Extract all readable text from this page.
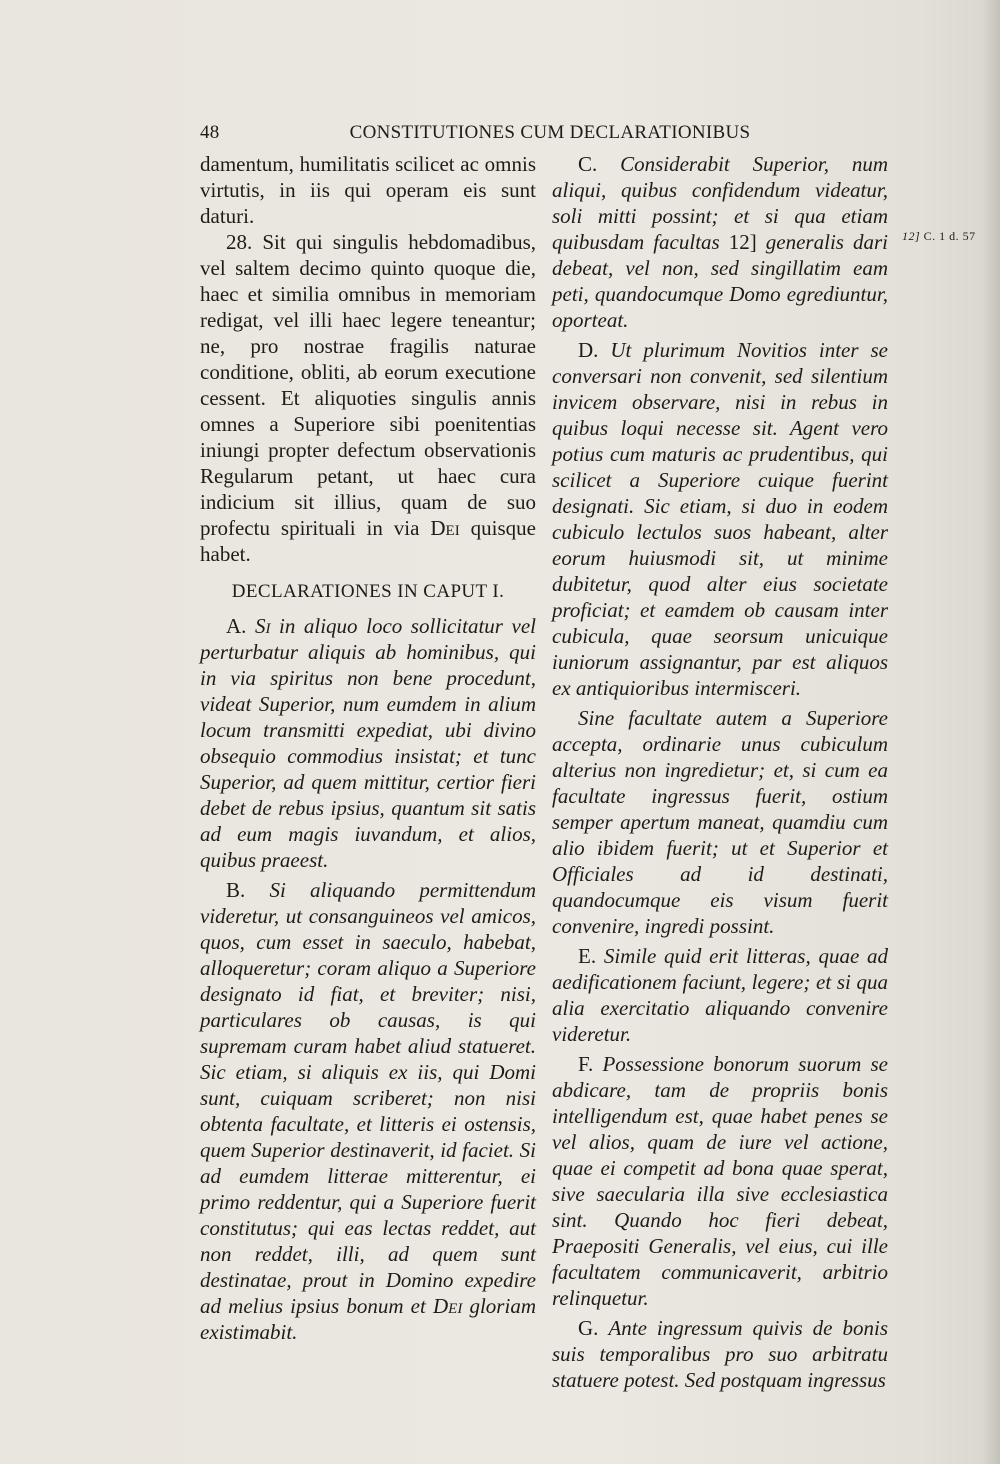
48	CONSTITUTIONES CUM DECLARATIONIBUS
12] C. 1 d. 57

damentum, humilitatis scilicet ac omnis virtutis, in iis qui operam eis sunt daturi.

28. Sit qui singulis hebdomadibus, vel saltem decimo quinto quoque die, haec et similia omnibus in memoriam redigat, vel illi haec legere teneantur; ne, pro nostrae fragilis naturae conditione, obliti, ab eorum executione cessent. Et aliquoties singulis annis omnes a Superiore sibi poenitentias iniungi propter defectum observationis Regularum petant, ut haec cura indicium sit illius, quam de suo profectu spirituali in via Dei quisque habet.

DECLARATIONES IN CAPUT I.

A. Si in aliquo loco sollicitatur vel perturbatur aliquis ab hominibus, qui in via spiritus non bene procedunt, videat Superior, num eumdem in alium locum transmitti expediat, ubi divino obsequio commodius insistat; et tunc Superior, ad quem mittitur, certior fieri debet de rebus ipsius, quantum sit satis ad eum magis iuvandum, et alios, quibus praeest.

B. Si aliquando permittendum videretur, ut consanguineos vel amicos, quos, cum esset in saeculo, habebat, alloqueretur; coram aliquo a Superiore designato id fiat, et breviter; nisi, particulares ob causas, is qui supremam curam habet aliud statueret. Sic etiam, si aliquis ex iis, qui Domi sunt, cuiquam scriberet; non nisi obtenta facultate, et litteris ei ostensis, quem Superior destinaverit, id faciet. Si ad eumdem litterae mitterentur, ei primo reddentur, qui a Superiore fuerit constitutus; qui eas lectas reddet, aut non reddet, illi, ad quem sunt destinatae, prout in Domino expedire ad melius ipsius bonum et Dei gloriam existimabit.

C. Considerabit Superior, num aliqui, quibus confidendum videatur, soli mitti possint; et si qua etiam quibusdam facultas 12] generalis dari debeat, vel non, sed singillatim eam peti, quandocumque Domo egrediuntur, oporteat.

D. Ut plurimum Novitios inter se conversari non convenit, sed silentium invicem observare, nisi in rebus in quibus loqui necesse sit. Agent vero potius cum maturis ac prudentibus, qui scilicet a Superiore cuique fuerint designati. Sic etiam, si duo in eodem cubiculo lectulos suos habeant, alter eorum huiusmodi sit, ut minime dubitetur, quod alter eius societate proficiat; et eamdem ob causam inter cubicula, quae seorsum unicuique iuniorum assignantur, par est aliquos ex antiquioribus intermisceri.

Sine facultate autem a Superiore accepta, ordinarie unus cubiculum alterius non ingredietur; et, si cum ea facultate ingressus fuerit, ostium semper apertum maneat, quamdiu cum alio ibidem fuerit; ut et Superior et Officiales ad id destinati, quandocumque eis visum fuerit convenire, ingredi possint.

E. Simile quid erit litteras, quae ad aedificationem faciunt, legere; et si qua alia exercitatio aliquando convenire videretur.

F. Possessione bonorum suorum se abdicare, tam de propriis bonis intelligendum est, quae habet penes se vel alios, quam de iure vel actione, quae ei competit ad bona quae sperat, sive saecularia illa sive ecclesiastica sint. Quando hoc fieri debeat, Praepositi Generalis, vel eius, cui ille facultatem communicaverit, arbitrio relinquetur.

G. Ante ingressum quivis de bonis suis temporalibus pro suo arbitratu statuere potest. Sed postquam ingressus
